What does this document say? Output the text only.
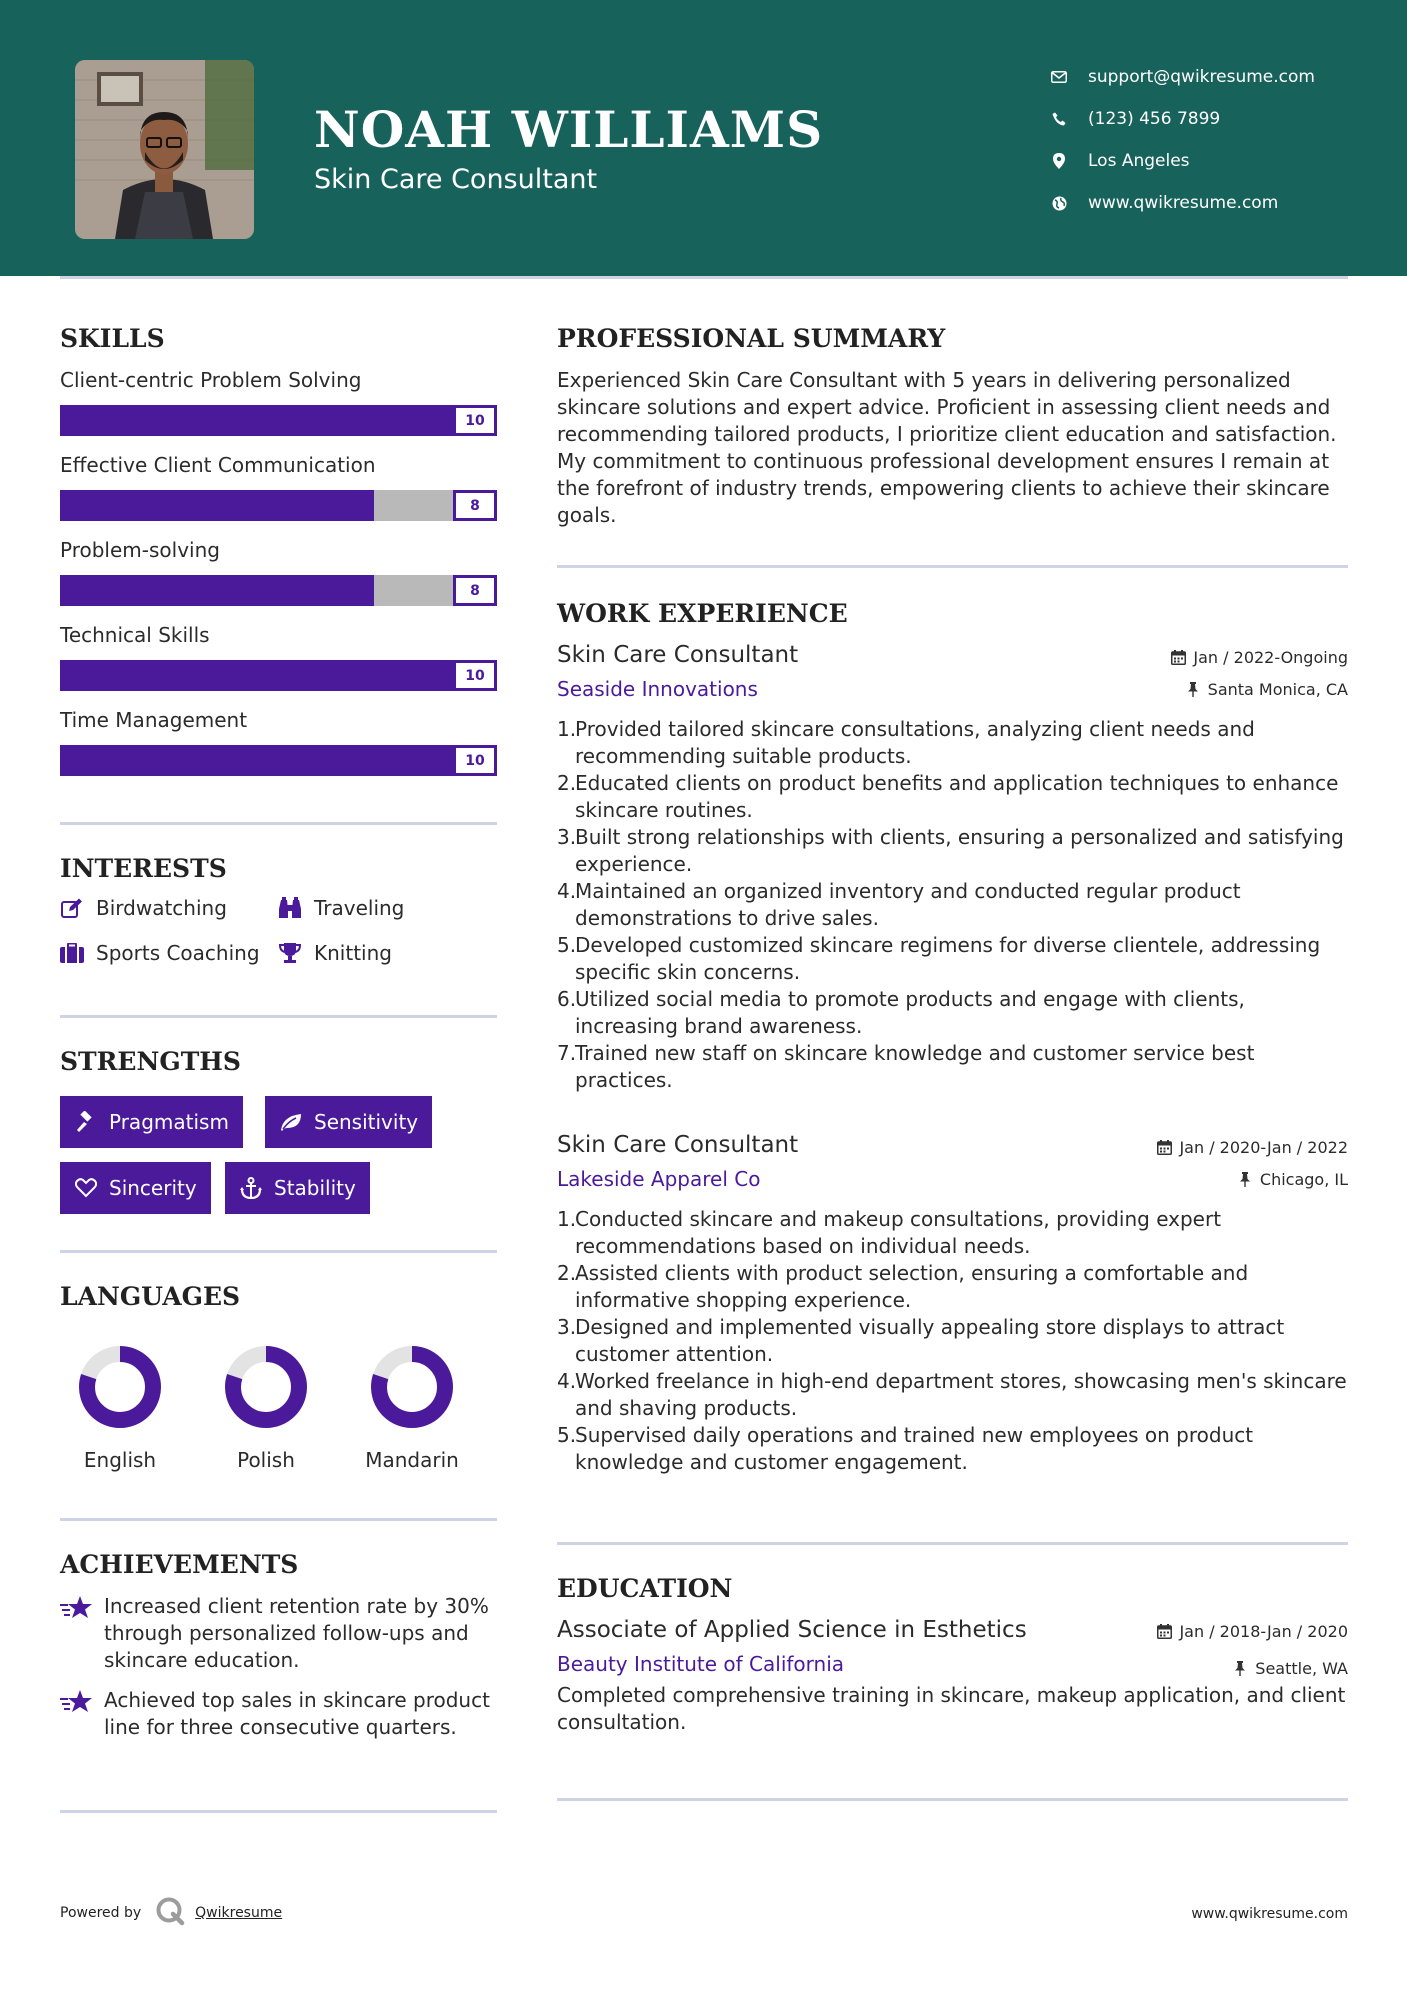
NOAH WILLIAMS
Skin Care Consultant
support@qwikresume.com
(123) 456 7899
Los Angeles
www.qwikresume.com
SKILLS
Client-centric Problem Solving
10
Effective Client Communication
8
Problem-solving
8
Technical Skills
10
Time Management
10
INTERESTS
Birdwatching	Traveling
Sports Coaching	Knitting
STRENGTHS
Pragmatism	Sensitivity
Sincerity	Stability
LANGUAGES
English	Polish	Mandarin
ACHIEVEMENTS
Increased client retention rate by 30% through personalized follow-ups and skincare education.
Achieved top sales in skincare product line for three consecutive quarters.
PROFESSIONAL SUMMARY
Experienced Skin Care Consultant with 5 years in delivering personalized skincare solutions and expert advice. Proficient in assessing client needs and recommending tailored products, I prioritize client education and satisfaction. My commitment to continuous professional development ensures I remain at the forefront of industry trends, empowering clients to achieve their skincare goals.
WORK EXPERIENCE
Skin Care Consultant	Jan / 2022-Ongoing
Seaside Innovations	Santa Monica, CA
1.
Provided tailored skincare consultations, analyzing client needs and recommending suitable products.
2.
Educated clients on product benefits and application techniques to enhance skincare routines.
3.
Built strong relationships with clients, ensuring a personalized and satisfying experience.
4.
Maintained an organized inventory and conducted regular product demonstrations to drive sales.
5.
Developed customized skincare regimens for diverse clientele, addressing specific skin concerns.
6.
Utilized social media to promote products and engage with clients, increasing brand awareness.
7.
Trained new staff on skincare knowledge and customer service best practices.
Skin Care Consultant	Jan / 2020-Jan / 2022
Lakeside Apparel Co	Chicago, IL
1.
Conducted skincare and makeup consultations, providing expert recommendations based on individual needs.
2.
Assisted clients with product selection, ensuring a comfortable and informative shopping experience.
3.
Designed and implemented visually appealing store displays to attract customer attention.
4.
Worked freelance in high-end department stores, showcasing men's skincare and shaving products.
5.
Supervised daily operations and trained new employees on product knowledge and customer engagement.
EDUCATION
Associate of Applied Science in Esthetics	Jan / 2018-Jan / 2020
Beauty Institute of California	Seattle, WA
Completed comprehensive training in skincare, makeup application, and client consultation.
Powered by	Qwikresume	www.qwikresume.com
